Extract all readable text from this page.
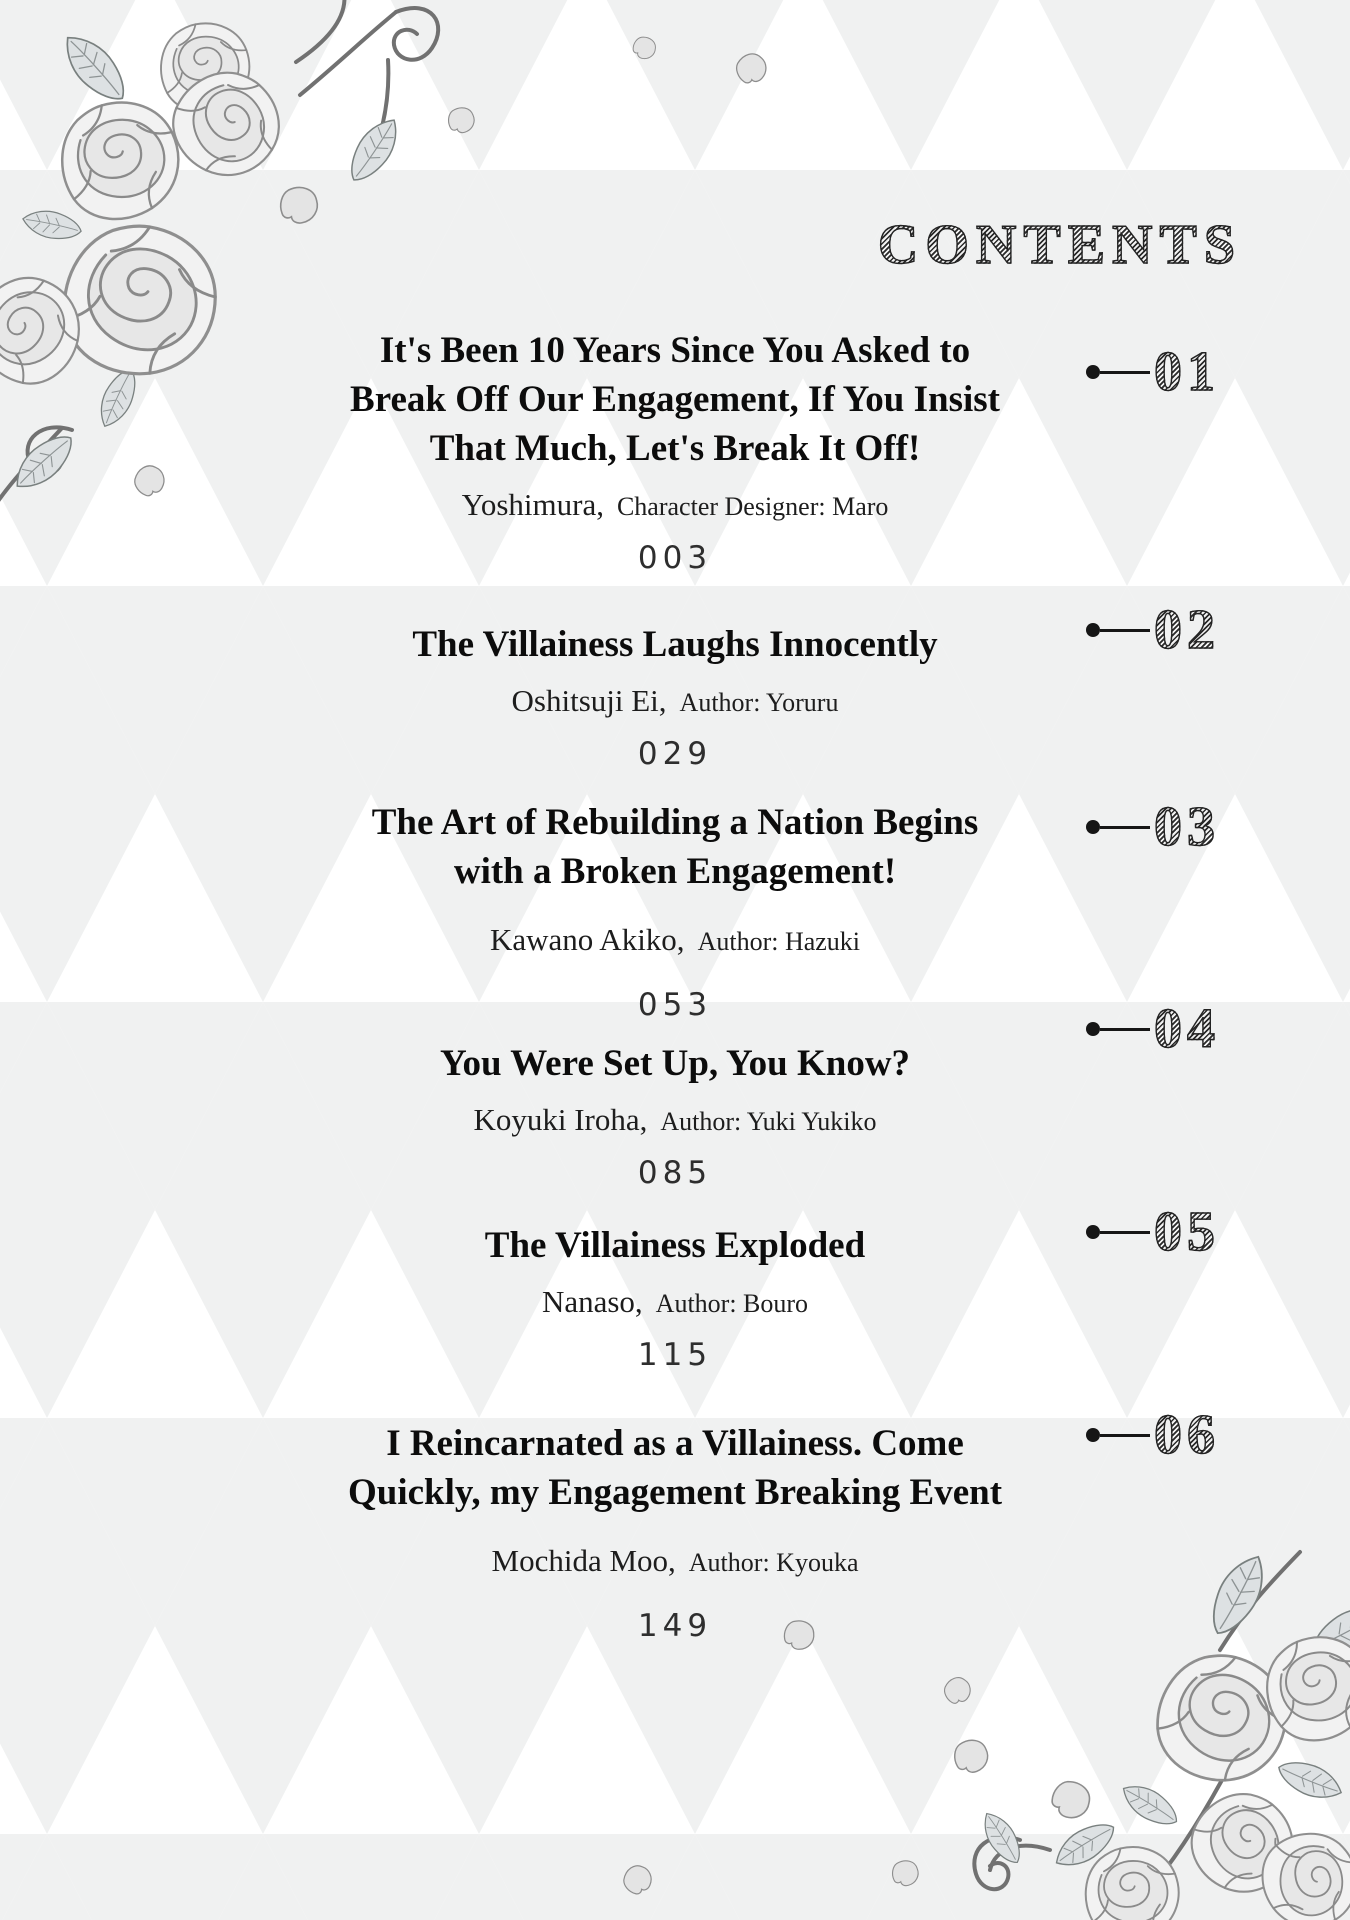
CONTENTS
It's Been 10 Years Since You Asked to
Break Off Our Engagement, If You Insist
That Much, Let's Break It Off!
Yoshimura, Character Designer: Maro
003
The Villainess Laughs Innocently
Oshitsuji Ei, Author: Yoruru
029
The Art of Rebuilding a Nation Begins
with a Broken Engagement!
Kawano Akiko, Author: Hazuki
053
You Were Set Up, You Know?
Koyuki Iroha, Author: Yuki Yukiko
085
The Villainess Exploded
Nanaso, Author: Bouro
115
I Reincarnated as a Villainess. Come
Quickly, my Engagement Breaking Event
Mochida Moo, Author: Kyouka
149
01
02
03
04
05
06
